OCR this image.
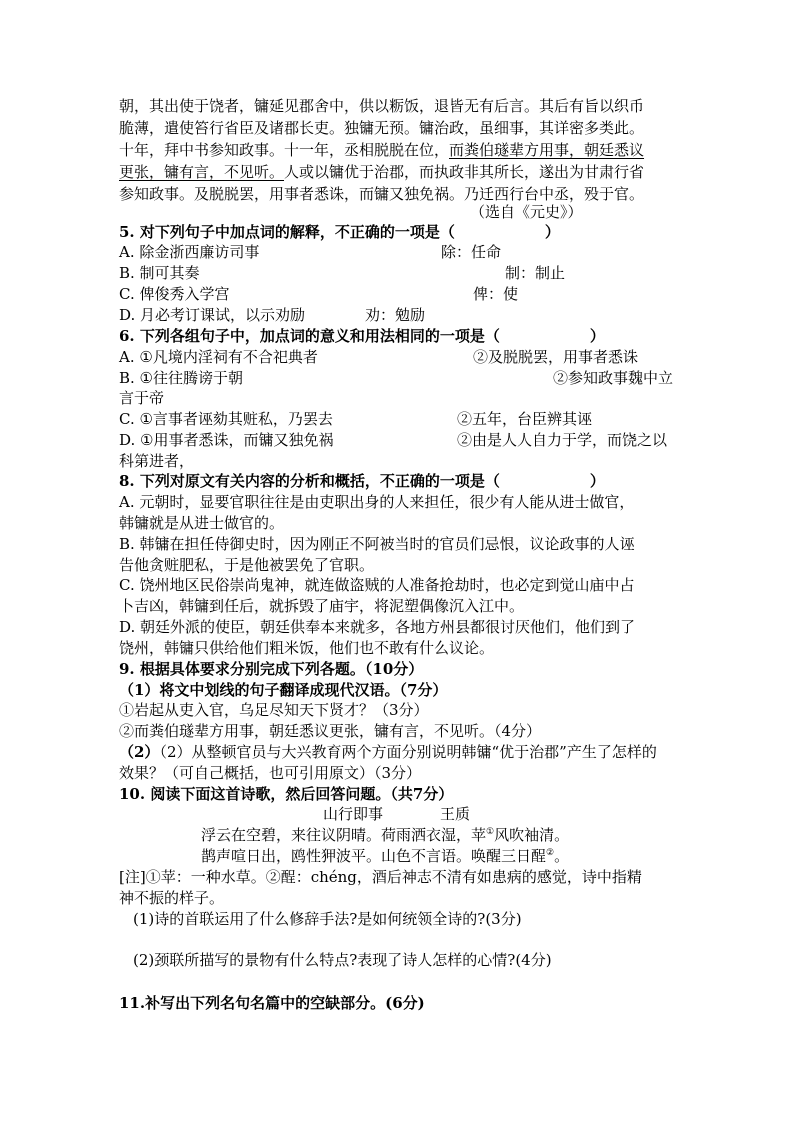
朝，其出使于饶者，镛延见郡舍中，供以粝饭，退皆无有后言。其后有旨以织币
脆薄，遣使笞行省臣及诸郡长吏。独镛无预。镛治政，虽细事，其详密多类此。
十年，拜中书参知政事。十一年，丞相脱脱在位，而粪伯璲辈方用事，朝廷悉议
更张，镛有言，不见听。人或以镛优于治郡，而执政非其所长，遂出为甘肃行省
参知政事。及脱脱罢，用事者悉诛，而镛又独免祸。乃迁西行台中丞，殁于官。
（选自《元史》）
5. 对下列句子中加点词的解释，不正确的一项是（　　　　　　）
A. 除金浙西廉访司事	除：任命
B. 制可其奏	制：制止
C. 俾俊秀入学宫	俾：使
D. 月必考订课试，以示劝励　　　　劝：勉励
6. 下列各组句子中，加点词的意义和用法相同的一项是（　　　　　　）
A. ①凡境内淫祠有不合祀典者	②及脱脱罢，用事者悉诛
B. ①往往腾谤于朝	②参知政事魏中立
言于帝
C. ①言事者诬劾其赃私，乃罢去	②五年，台臣辨其诬
D. ①用事者悉诛，而镛又独免祸	②由是人人自力于学，而饶之以
科第进者，
8. 下列对原文有关内容的分析和概括，不正确的一项是（　　　　　　）
A. 元朝时，显要官职往往是由吏职出身的人来担任，很少有人能从进士做官，
韩镛就是从进士做官的。
B. 韩镛在担任侍御史时，因为刚正不阿被当时的官员们忌恨，议论政事的人诬
告他贪赃肥私，于是他被罢免了官职。
C. 饶州地区民俗崇尚鬼神，就连做盗贼的人准备抢劫时，也必定到觉山庙中占
卜吉凶，韩镛到任后，就拆毁了庙宇，将泥塑偶像沉入江中。
D. 朝廷外派的使臣，朝廷供奉本来就多，各地方州县都很讨厌他们，他们到了
饶州，韩镛只供给他们粗米饭，他们也不敢有什么议论。
9. 根据具体要求分别完成下列各题。（10分）
（1）将文中划线的句子翻译成现代汉语。（7分）
①岩起从吏入官，乌足尽知天下贤才？（3分）
②而粪伯璲辈方用事，朝廷悉议更张，镛有言，不见听。（4分）
（2）（2）从整顿官员与大兴教育两个方面分别说明韩镛“优于治郡”产生了怎样的
效果？（可自己概括，也可引用原文）（3分）
10. 阅读下面这首诗歌，然后回答问题。（共7分）
山行即事	王质
浮云在空碧，来往议阴晴。荷雨洒衣湿，苹①风吹袖清。
鹊声喧日出，鸥性狎波平。山色不言语。唤醒三日酲②。
[注]①苹：一种水草。②酲：chéng，酒后神志不清有如患病的感觉，诗中指精
神不振的样子。
(1)诗的首联运用了什么修辞手法?是如何统领全诗的?(3分)
(2)颈联所描写的景物有什么特点?表现了诗人怎样的心情?(4分)
11.补写出下列名句名篇中的空缺部分。(6分)
